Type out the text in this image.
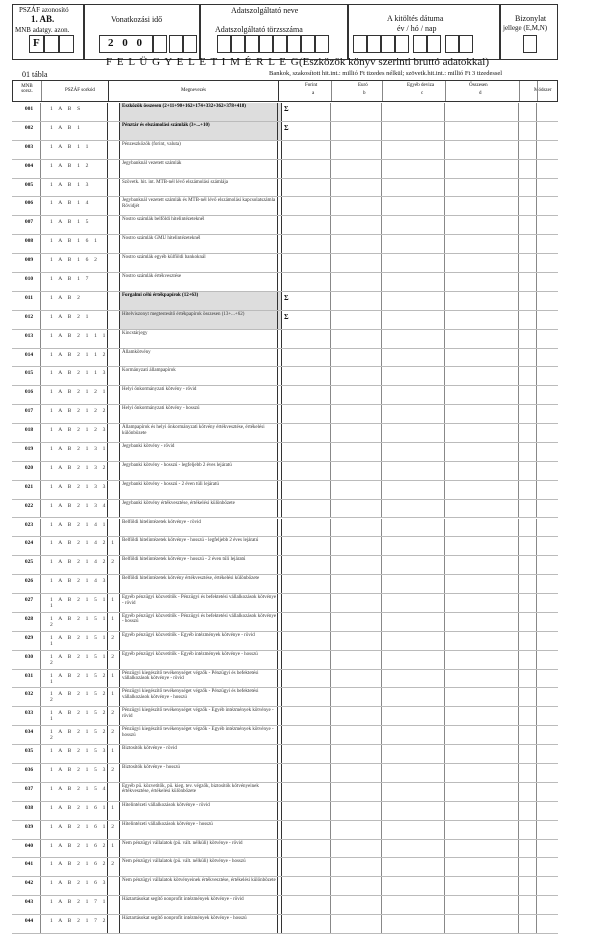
PSZÁF azonosító
1. AB.
MNB adatgy. azon.
F
Vonatkozási idő
2 0 0
Adatszolgáltató neve
Adatszolgáltató törzsszáma
A kitöltés dátuma
év / hó / nap
Bizonylat
jellege (E,M,N)
F E L Ü G Y E L E T I M É R L E G (Eszközök könyv szerinti bruttó adatokkal)
01 tábla	Bankok, szakosított hit.int.: millió Ft tizedes nélkül; szövetk.hit.int.: millió Ft 3 tizedessel
MNB sorsz.	PSZÁF sorkód	Megnevezés
Forint
a
Euró
b
Egyéb deviza
c
Összesen
d
Módszer
001	1 A B S	Eszközök összesen (2+11+90+162+174+332+362+378+418)	Σ
002	1 A B 1	Pénztár és elszámolási számlák (3+...+10)	Σ
003	1 A B 1 1	Pénzeszközök (forint, valuta)
004	1 A B 1 2	Jegybanknál vezetett számlák
005	1 A B 1 3	Szövetk. hit. int. MTB-nél lévő elszámolási számlája
006	1 A B 1 4	Jegybanknál vezetett számlák és MTB-nél lévő elszámolási kapcsolatszámla Rövidjét
007	1 A B 1 5	Nostro számlák belföldi hitelintézeteknél
008	1 A B 1 6 1	Nostro számlák GMU hitelintézeteknél
009	1 A B 1 6 2	Nostro számlák egyéb külföldi bankoknál
010	1 A B 1 7	Nostro számlák értékvesztése
011	1 A B 2	Forgalmi célú értékpapírok (12+63)	Σ
012	1 A B 2 1	Hitelviszonyt megtestesítő értékpapírok összesen (13+...+62)	Σ
013	1 A B 2 1 1 1	Kincstárjegy
014	1 A B 2 1 1 2	Államkötvény
015	1 A B 2 1 1 3	Kormányzati állampapírok
016	1 A B 2 1 2 1	Helyi önkormányzati kötvény - rövid
017	1 A B 2 1 2 2	Helyi önkormányzati kötvény - hosszú
018	1 A B 2 1 2 3	Állampapírok és helyi önkormányzati kötvény értékvesztése, értékelési különbözete
019	1 A B 2 1 3 1	Jegybanki kötvény - rövid
020	1 A B 2 1 3 2	Jegybanki kötvény - hosszú - legfeljebb 2 éves lejáratú
021	1 A B 2 1 3 3	Jegybanki kötvény - hosszú - 2 éven túli lejáratú
022	1 A B 2 1 3 4	Jegybanki kötvény értékvesztése, értékelési különbözete
023	1 A B 2 1 4 1	Belföldi hitelintézetek kötvénye - rövid
024	1 A B 2 1 4 2 1	Belföldi hitelintézetek kötvénye - hosszú - legfeljebb 2 éves lejáratú
025	1 A B 2 1 4 2 2	Belföldi hitelintézetek kötvénye - hosszú - 2 éven túli lejáratú
026	1 A B 2 1 4 3	Belföldi hitelintézetek kötvény értékvesztése, értékelési különbözete
027	1 A B 2 1 5 1 1 1
Egyéb pénzügyi közvetítők - Pénzügyi és befektetési vállalkozások kötvénye - rövid
028	1 A B 2 1 5 1 1 2
Egyéb pénzügyi közvetítők - Pénzügyi és befektetési vállalkozások kötvénye - hosszú
029	1 A B 2 1 5 1 2 1
Egyéb pénzügyi közvetítők - Egyéb intézmények kötvénye - rövid
030	1 A B 2 1 5 1 2 2
Egyéb pénzügyi közvetítők - Egyéb intézmények kötvénye - hosszú
031	1 A B 2 1 5 2 1 1
Pénzügyi kiegészítő tevékenységet végzők - Pénzügyi és befektetési vállalkozások kötvénye - rövid
032	1 A B 2 1 5 2 1 2
Pénzügyi kiegészítő tevékenységet végzők - Pénzügyi és befektetési vállalkozások kötvénye - hosszú
033	1 A B 2 1 5 2 2 1
Pénzügyi kiegészítő tevékenységet végzők - Egyéb intézmények kötvénye - rövid
034	1 A B 2 1 5 2 2 2
Pénzügyi kiegészítő tevékenységet végzők - Egyéb intézmények kötvénye - hosszú
035	1 A B 2 1 5 3 1	Biztosítók kötvénye - rövid
036	1 A B 2 1 5 3 2	Biztosítók kötvénye - hosszú
037	1 A B 2 1 5 4	Egyéb pü. közvetítők, pü. kieg. tev. végzők, biztosítók kötvényeinek értékvesztése, értékelési különbözete
038	1 A B 2 1 6 1 1	Hitelintézeti vállalkozások kötvénye - rövid
039	1 A B 2 1 6 1 2	Hitelintézeti vállalkozások kötvénye - hosszú
040	1 A B 2 1 6 2 1	Nem pénzügyi vállalatok (pü. vált. nélküli) kötvénye - rövid
041	1 A B 2 1 6 2 2	Nem pénzügyi vállalatok (pü. vált. nélküli) kötvénye - hosszú
042	1 A B 2 1 6 3	Nem pénzügyi vállalatok kötvényeinek értékvesztése, értékelési különbözete
043	1 A B 2 1 7 1	Háztartásokat segítő nonprofit intézmények kötvénye - rövid
044	1 A B 2 1 7 2	Háztartásokat segítő nonprofit intézmények kötvénye - hosszú
